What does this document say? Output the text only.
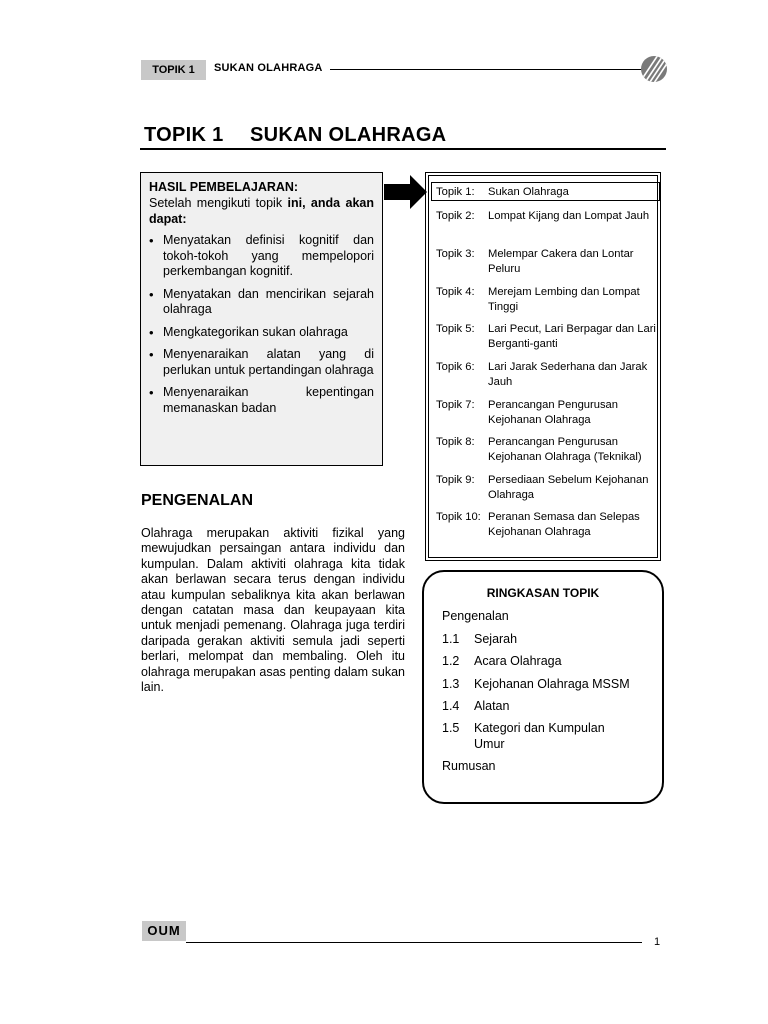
TOPIK 1	SUKAN OLAHRAGA
TOPIK 1 SUKAN OLAHRAGA
HASIL PEMBELAJARAN:
Setelah mengikuti topik ini, anda akan dapat:
• Menyatakan definisi kognitif dan tokoh-tokoh yang mempelopori perkembangan kognitif.
• Menyatakan dan mencirikan sejarah olahraga
• Mengkategorikan sukan olahraga
• Menyenaraikan alatan yang di perlukan untuk pertandingan olahraga
• Menyenaraikan kepentingan memanaskan badan
Topik 1:	Sukan Olahraga
Topik 2:	Lompat Kijang dan Lompat Jauh
Topik 3:	Melempar Cakera dan Lontar Peluru
Topik 4:	Merejam Lembing dan Lompat Tinggi
Topik 5:	Lari Pecut, Lari Berpagar dan Lari Berganti-ganti
Topik 6:	Lari Jarak Sederhana dan Jarak Jauh
Topik 7:	Perancangan Pengurusan Kejohanan Olahraga
Topik 8:	Perancangan Pengurusan Kejohanan Olahraga (Teknikal)
Topik 9:	Persediaan Sebelum Kejohanan Olahraga
Topik 10: Peranan Semasa dan Selepas Kejohanan Olahraga
PENGENALAN
Olahraga merupakan aktiviti fizikal yang mewujudkan persaingan antara individu dan kumpulan. Dalam aktiviti olahraga kita tidak akan berlawan secara terus dengan individu atau kumpulan sebaliknya kita akan berlawan dengan catatan masa dan keupayaan kita untuk menjadi pemenang. Olahraga juga terdiri daripada gerakan aktiviti semula jadi seperti berlari, melompat dan membaling. Oleh itu olahraga merupakan asas penting dalam sukan lain.
RINGKASAN TOPIK
Pengenalan
1.1	Sejarah
1.2	Acara Olahraga
1.3	Kejohanan Olahraga MSSM
1.4	Alatan
1.5	Kategori dan Kumpulan Umur
Rumusan
OUM
1
